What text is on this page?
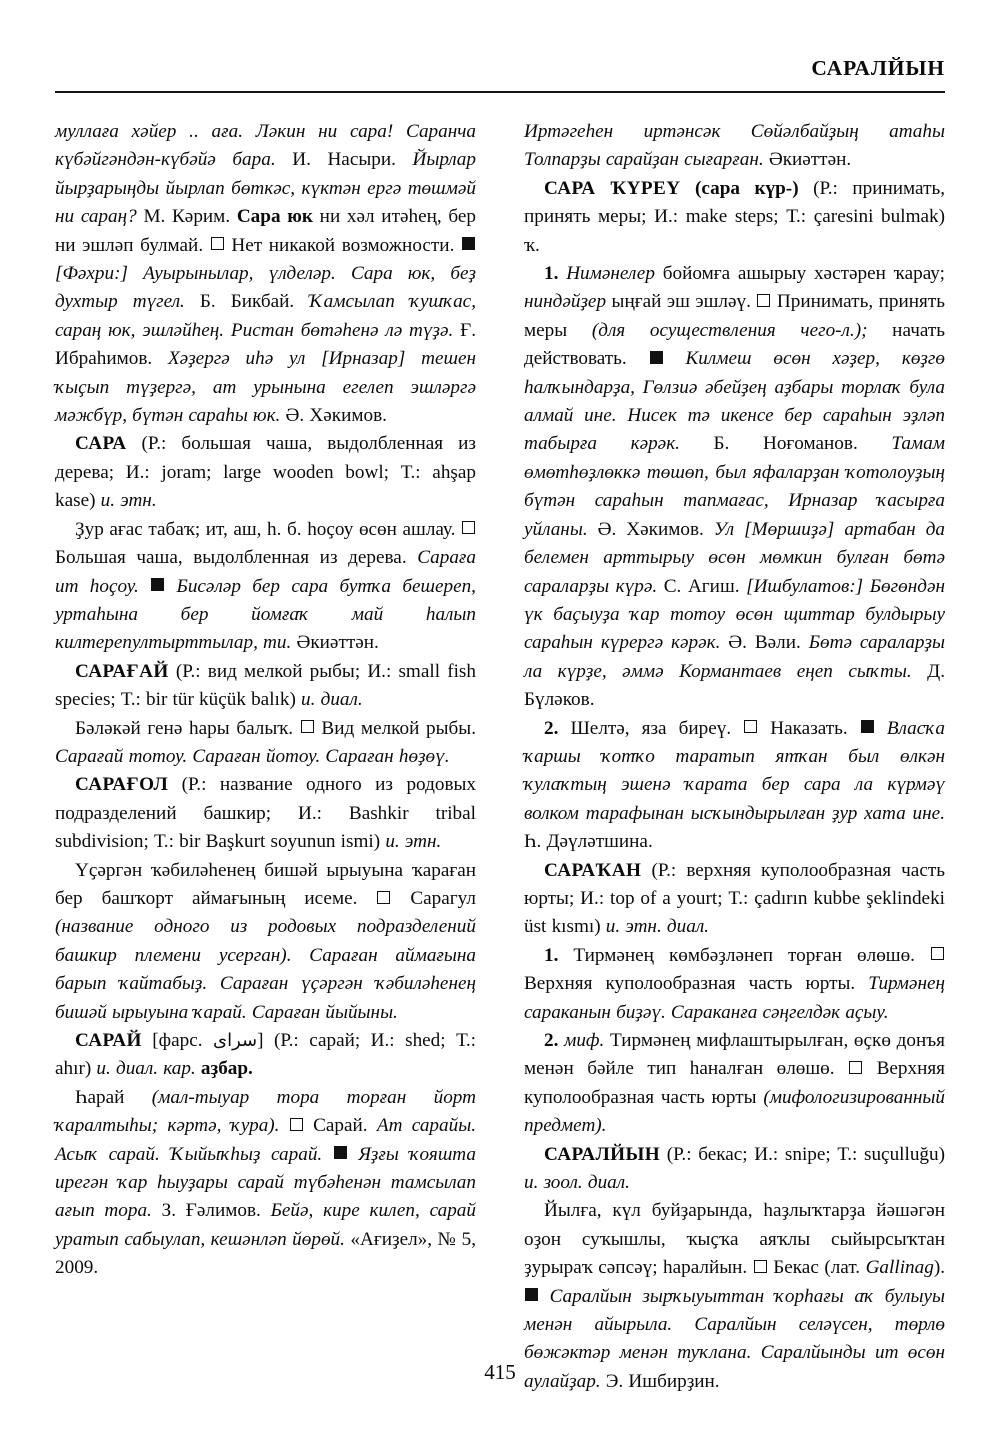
САРАЛЙЫН

муллаға хәйер .. ағa. Ләкин ни сара! Саранча күбәйгәндән-күбәйә бара. И. Насыри. Йырлар йырҙарыңды йырлап бөткәс, күктән ергә төшмәй ни сараң? М. Кәрим. Сара юк ни хәл итәһең, бер ни эшләп булмай.  Нет никакой возможности.  [Фәхри:] Ауырынылар, үлделәр. Сара юк, беҙ духтыр түгел. Б. Бикбай. Ҡамсылап ҡушҡас, сараң юк, эшләйһең. Ристан бөтәһенә лә түҙә. Ғ. Ибраһимов. Хәҙергә иһә ул [Ирназар] тешен ҡыҫып түҙергә, ат урынына егелеп эшләргә мәжбүр, бүтән сараһы юк. Ә. Хәкимов.

САРА (Р.: большая чаша, выдолбленная из дерева; И.: joram; large wooden bowl; Т.: ahşap kase) и. этн.

Ҙур ағас табаҡ; ит, аш, һ. б. һоҫоу өсөн ашлау.  Большая чаша, выдолбленная из дерева. Сараға ит һоҫоу.  Бисәләр бер сара бутҡа бешереп, уртаһына бер йомғаҡ май һалып килтерепултырттылар, ти. Әкиәттән.

САРАҒАЙ (Р.: вид мелкой рыбы; И.: small fish species; Т.: bir tür küçük balık) и. диал.

Бәләкәй генә һары балыҡ.  Вид мелкой рыбы. Сарағай тотоу. Сараған йотоу. Сараған һөҙөү.

САРАҒОЛ (Р.: название одного из родовых подразделений башкир; И.: Bashkir tribal subdivision; Т.: bir Başkurt soyunun ismi) и. этн.

Үҫәргән ҡәбиләһенең бишәй ырыуына ҡараған бер башҡорт аймағының исеме.  Сарагул (название одного из родовых подразделений башкир племени усерган). Сараған аймағына барып ҡайтабыҙ. Сараған үҫәргән ҡәбиләһенең бишәй ырыуына ҡарай. Сараған йыйыны.

САРАЙ [фарс. سراى] (Р.: сарай; И.: shed; Т.: ahır) и. диал. кар. аҙбар.

Һарай (мал-тыуар тора торған йорт ҡаралтыһы; кәртә, ҡура).  Сарай. Ат сарайы. Асыҡ сарай. Ҡыйыҡһыҙ сарай.  Яҙғы ҡояшта ирегән ҡар һыуҙары сарай түбәһенән тамсылап ағып тора. З. Ғәлимов. Бейә, кире килеп, сарай уратып сабыулап, кешәнләп йөрөй. «Ағиҙел», № 5, 2009.

Иртәгеһен иртәнсәк Сөйәлбайҙың атаһы Толпарҙы сарайҙан сығарған. Әкиәттән.

САРА ҠҮРЕҮ (сара күр-) (Р.: принимать, принять меры; И.: make steps; Т.: çaresini bulmak) ҡ.

1. Нимәнелер бойомға ашырыу хәстәрен ҡарау; ниндәйҙер ыңғай эш эшләү.  Принимать, принять меры (для осуществления чего-л.); начать действовать.  Килмеш өсөн хәҙер, көҙгө һалҡындарҙа, Гөлзиә әбейҙең аҙбары торлаҡ була алмай ине. Ниcек тә икенсе бер сараһын эҙләп табырға кәрәк. Б. Ноғоманов. Тамам өмөтһөҙлөккә төшөп, был яфаларҙан ҡотолоуҙың бүтән сараһын тапмағас, Ирназар ҡасырға уйланы. Ә. Хәкимов. Ул [Мөршиҙә] артабан да белемен арттырыу өсөн мөмкин булған бөтә сараларҙы күрә. С. Агиш. [Ишбулатов:] Бөгөндән үк баҫыуҙа ҡар тотоу өсөн щиттар булдырыу сараһын күрергә кәрәк. Ә. Вәли. Бөтә сараларҙы ла күрҙе, әммә Кормантаев еңеп сыҡты. Д. Бүләков.

2. Шелтә, яза биреү.  Наказать.  Власҡа ҡаршы ҡотҡо таратып ятҡан был өлкән ҡулаҡтың эшенә ҡарата бер сара ла күрмәү волком тарафынан ысҡындырылған ҙур хата ине. Һ. Дәүләтшина.

САРАҠАН (Р.: верхняя куполообразная часть юрты; И.: top of a yourt; Т.: çadırın kubbe şeklindeki üst kısmı) и. этн. диал.

1. Тирмәнең көмбәҙләнеп торған өлөшө.  Верхняя куполообразная часть юрты. Тирмәнең сараканын биҙәү. Сараканға сәңгелдәк аҫыу.

2. миф. Тирмәнең мифлаштырылған, өҫкө донъя менән бәйле тип һаналған өлөшө.  Верхняя куполообразная часть юрты (мифологизированный предмет).

САРАЛЙЫН (Р.: бекас; И.: snipe; Т.: suçulluğu) и. зоол. диал.

Йылға, күл буйҙарында, һаҙлыҡтарҙа йәшәгән оҙон суҡышлы, ҡыҫҡа аяҡлы сыйырсыҡтан ҙурыраҡ сәпсәү; һаралйын.  Бекас (лат. Gallinag).  Саралйын зырҡыуыттан ҡорһағы аҡ булыуы менән айырыла. Саралйын селәүсен, төрлө бөжәктәр менән туҡлана. Саралйынды ит өсөн аулайҙар. Э. Ишбирҙин.

415
